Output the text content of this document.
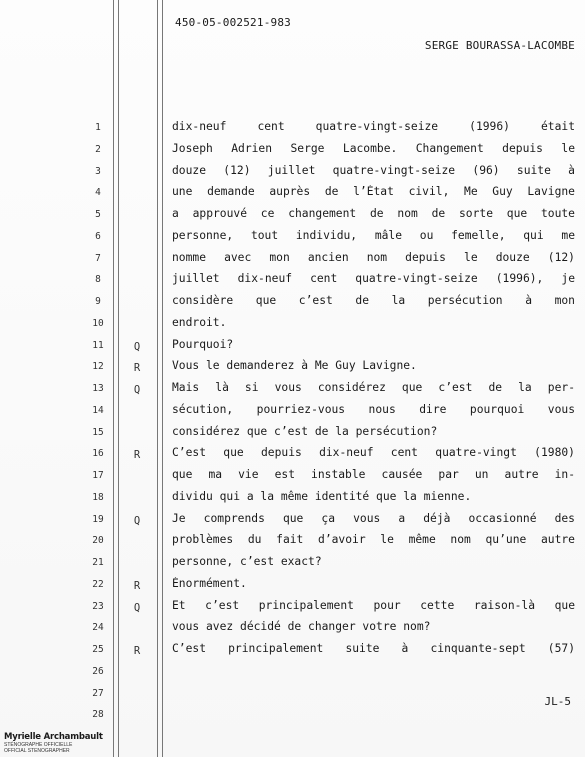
450-05-002521-983
SERGE BOURASSA-LACOMBE
1	dix-neuf cent quatre-vingt-seize (1996) était
2	Joseph Adrien Serge Lacombe. Changement depuis le
3	douze (12) juillet quatre-vingt-seize (96) suite à
4	une demande auprès de l’État civil, Me Guy Lavigne
5	a approuvé ce changement de nom de sorte que toute
6	personne, tout individu, mâle ou femelle, qui me
7	nomme avec mon ancien nom depuis le douze (12)
8	juillet dix-neuf cent quatre-vingt-seize (1996), je
9	considère que c’est de la persécution à mon
10	endroit.
11	Q	Pourquoi?
12	R	Vous le demanderez à Me Guy Lavigne.
13	Q	Mais là si vous considérez que c’est de la per-
14	sécution, pourriez-vous nous dire pourquoi vous
15	considérez que c’est de la persécution?
16	R	C’est que depuis dix-neuf cent quatre-vingt (1980)
17	que ma vie est instable causée par un autre in-
18	dividu qui a la même identité que la mienne.
19	Q	Je comprends que ça vous a déjà occasionné des
20	problèmes du fait d’avoir le même nom qu’une autre
21	personne, c’est exact?
22	R	Énormément.
23	Q	Et c’est principalement pour cette raison-là que
24	vous avez décidé de changer votre nom?
25	R	C’est principalement suite à cinquante-sept (57)
26
27
28
JL-5
Myrielle Archambault
STÉNOGRAPHE OFFICIELLE
OFFICIAL STENOGRAPHER
